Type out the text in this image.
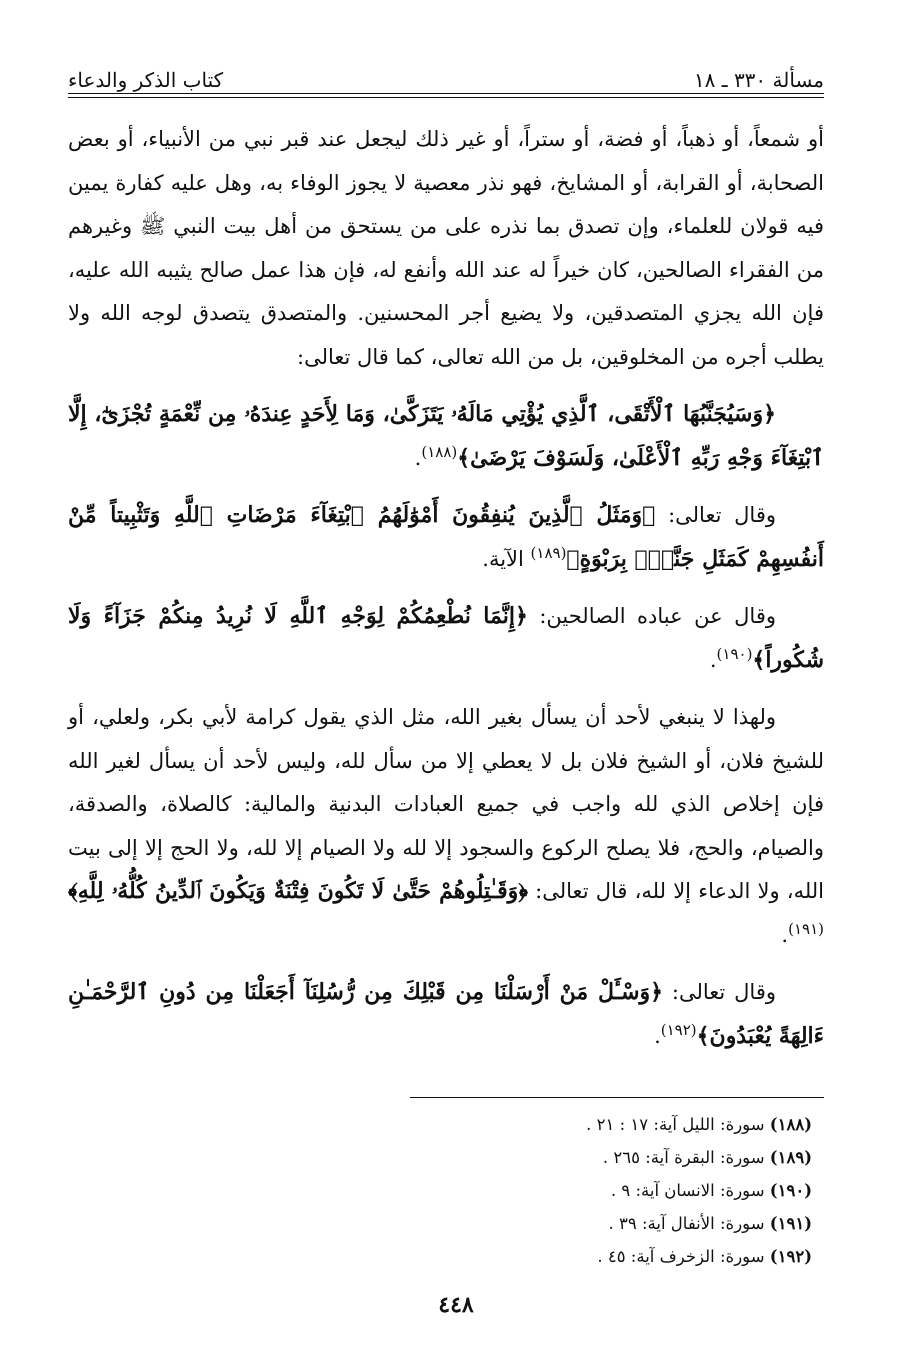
كتاب الذكر والدعاء	مسألة ٣٣٠ ـ ١٨

أو شمعاً، أو ذهباً، أو فضة، أو ستراً، أو غير ذلك ليجعل عند قبر نبي من الأنبياء، أو بعض الصحابة، أو القرابة، أو المشايخ، فهو نذر معصية لا يجوز الوفاء به، وهل عليه كفارة يمين فيه قولان للعلماء، وإن تصدق بما نذره على من يستحق من أهل بيت النبي ﷺ وغيرهم من الفقراء الصالحين، كان خيراً له عند الله وأنفع له، فإن هذا عمل صالح يثيبه الله عليه، فإن الله يجزي المتصدقين، ولا يضيع أجر المحسنين. والمتصدق يتصدق لوجه الله ولا يطلب أجره من المخلوقين، بل من الله تعالى، كما قال تعالى:

﴿وَسَيُجَنَّبُهَا ٱلْأَتْقَى، ٱلَّذِي يُؤْتِي مَالَهُۥ يَتَزَكَّىٰ، وَمَا لِأَحَدٍ عِندَهُۥ مِن نِّعْمَةٍ تُجْزَىٰٓ، إِلَّا ٱبْتِغَآءَ وَجْهِ رَبِّهِ ٱلْأَعْلَىٰ، وَلَسَوْفَ يَرْضَىٰ﴾$^{(١٨٨)}$.

وقال تعالى: ﴿وَمَثَلُ ٱلَّذِينَ يُنفِقُونَ أَمْوَٰلَهُمُ ٱبْتِغَآءَ مَرْضَاتِ ٱللَّهِ وَتَثْبِيتاً مِّنْ أَنفُسِهِمْ كَمَثَلِ جَنَّةٍۭ بِرَبْوَةٍ﴾$^{(١٨٩)}$ الآية.

وقال عن عباده الصالحين: ﴿إِنَّمَا نُطْعِمُكُمْ لِوَجْهِ ٱللَّهِ لَا نُرِيدُ مِنكُمْ جَزَآءً وَلَا شُكُوراً﴾$^{(١٩٠)}$.

ولهذا لا ينبغي لأحد أن يسأل بغير الله، مثل الذي يقول كرامة لأبي بكر، ولعلي، أو للشيخ فلان، أو الشيخ فلان بل لا يعطي إلا من سأل لله، وليس لأحد أن يسأل لغير الله فإن إخلاص الذي لله واجب في جميع العبادات البدنية والمالية: كالصلاة، والصدقة، والصيام، والحج، فلا يصلح الركوع والسجود إلا لله ولا الصيام إلا لله، ولا الحج إلا إلى بيت الله، ولا الدعاء إلا لله، قال تعالى: ﴿وَقَـٰتِلُوهُمْ حَتَّىٰ لَا تَكُونَ فِتْنَةٌ وَيَكُونَ ٱلدِّينُ كُلُّهُۥ لِلَّهِ﴾$^{(١٩١)}$.

وقال تعالى: ﴿وَسْـَٔلْ مَنْ أَرْسَلْنَا مِن قَبْلِكَ مِن رُّسُلِنَآ أَجَعَلْنَا مِن دُونِ ٱلرَّحْمَـٰنِ ءَالِهَةً يُعْبَدُونَ﴾$^{(١٩٢)}$.

(١٨٨) سورة: الليل آية: ١٧ : ٢١ .
(١٨٩) سورة: البقرة آية: ٢٦٥ .
(١٩٠) سورة: الانسان آية: ٩ .
(١٩١) سورة: الأنفال آية: ٣٩ .
(١٩٢) سورة: الزخرف آية: ٤٥ .
٤٤٨
